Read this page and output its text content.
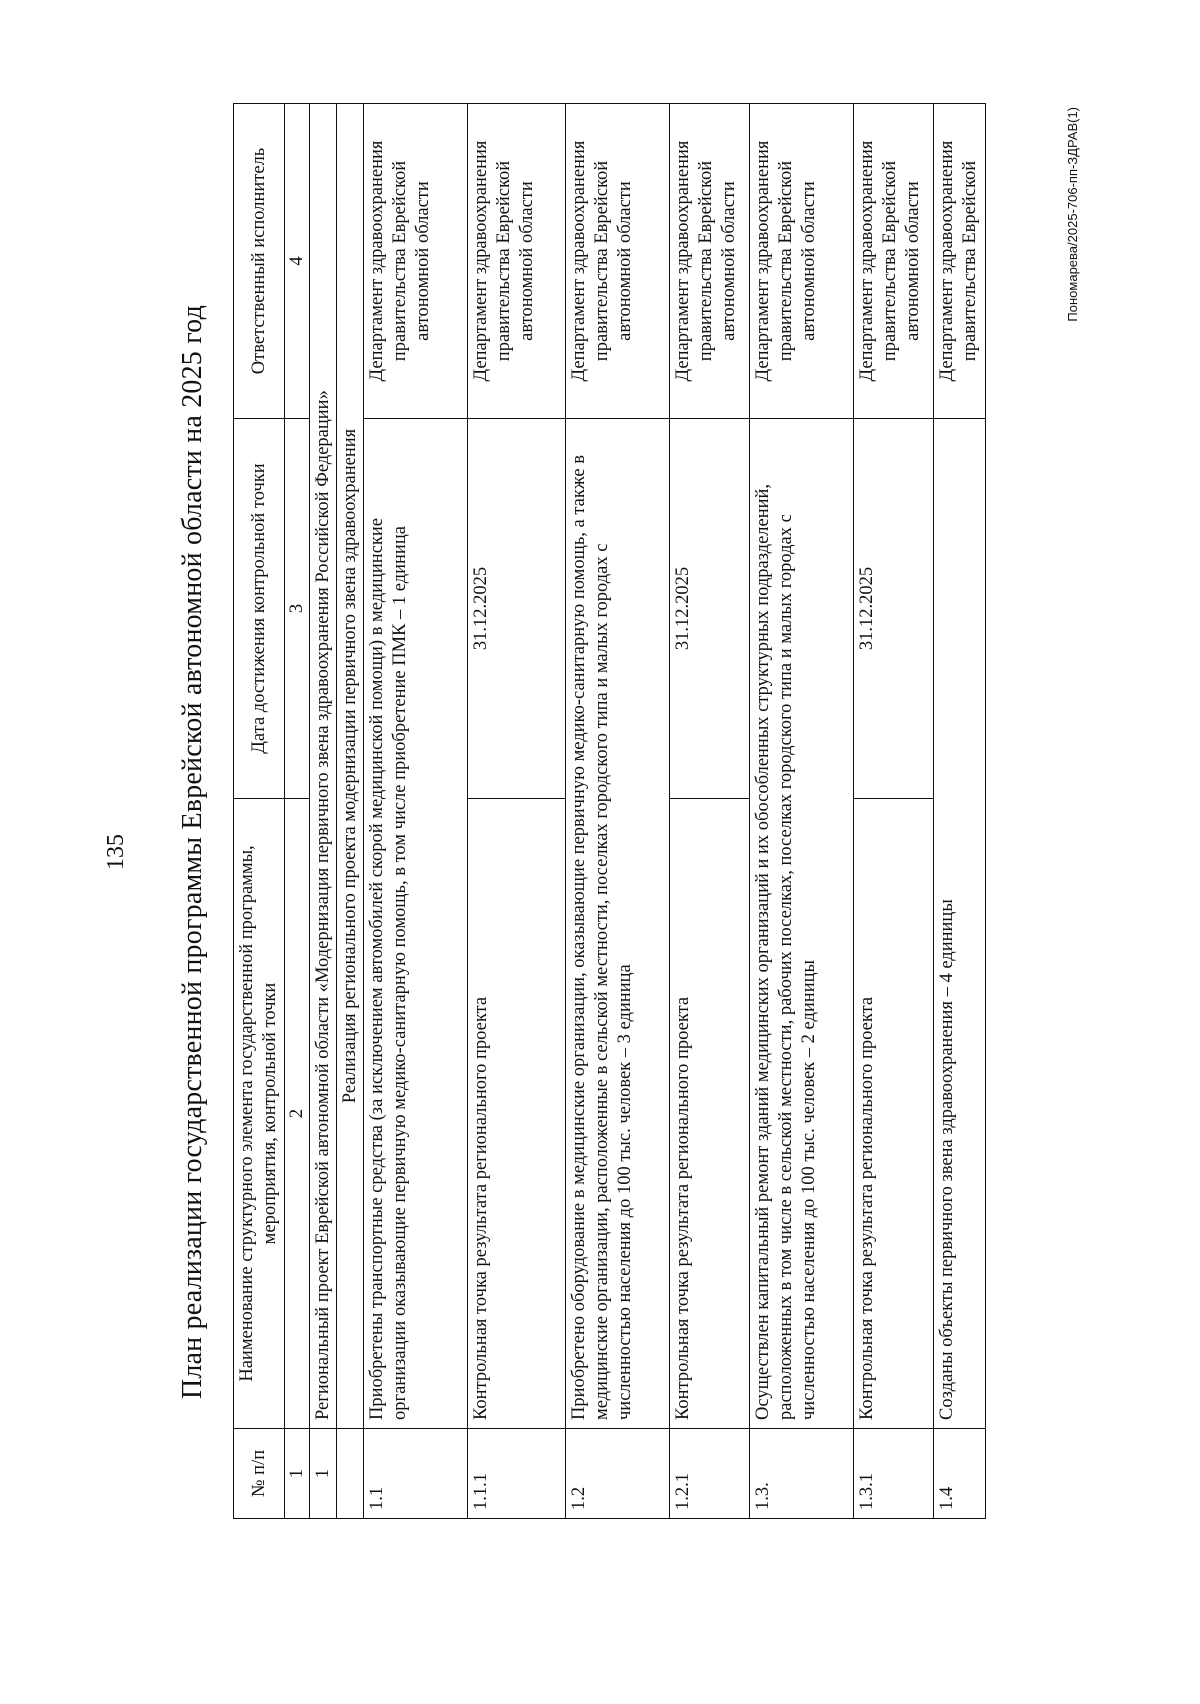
135 План реализации государственной программы Еврейской автономной области на 2025 год
№ п/п	Наименование структурного элемента государственной программы, мероприятия, контрольной точки	Дата достижения контрольной точки	Ответственный исполнитель
1	2	3	4
1	Региональный проект Еврейской автономной области «Модернизация первичного звена здравоохранения Российской Федерации»		
	Реализация регионального проекта модернизации первичного звена здравоохранения		
1.1	Приобретены транспортные средства (за исключением автомобилей скорой медицинской помощи) в медицинские организации оказывающие первичную медико-санитарную помощь, в том числе приобретение ПМК – 1 единица		Департамент здравоохранения правительства Еврейской автономной области
1.1.1	Контрольная точка результата регионального проекта	31.12.2025	Департамент здравоохранения правительства Еврейской автономной области
1.2	Приобретено оборудование в медицинские организации, оказывающие первичную медико-санитарную помощь, а также в медицинские организации, расположенные в сельской местности, поселках городского типа и малых городах с численностью населения до 100 тыс. человек – 3 единица		Департамент здравоохранения правительства Еврейской автономной области
1.2.1	Контрольная точка результата регионального проекта	31.12.2025	Департамент здравоохранения правительства Еврейской автономной области
1.3.	Осуществлен капитальный ремонт зданий медицинских организаций и их обособленных структурных подразделений, расположенных в том числе в сельской местности, рабочих поселках, поселках городского типа и малых городах с численностью населения до 100 тыс. человек – 2 единицы		Департамент здравоохранения правительства Еврейской автономной области
1.3.1	Контрольная точка результата регионального проекта	31.12.2025	Департамент здравоохранения правительства Еврейской автономной области
1.4	Созданы объекты первичного звена здравоохранения – 4 единицы		Департамент здравоохранения правительства Еврейской	Пономарева/2025-706-пп-ЗДРАВ(1)
